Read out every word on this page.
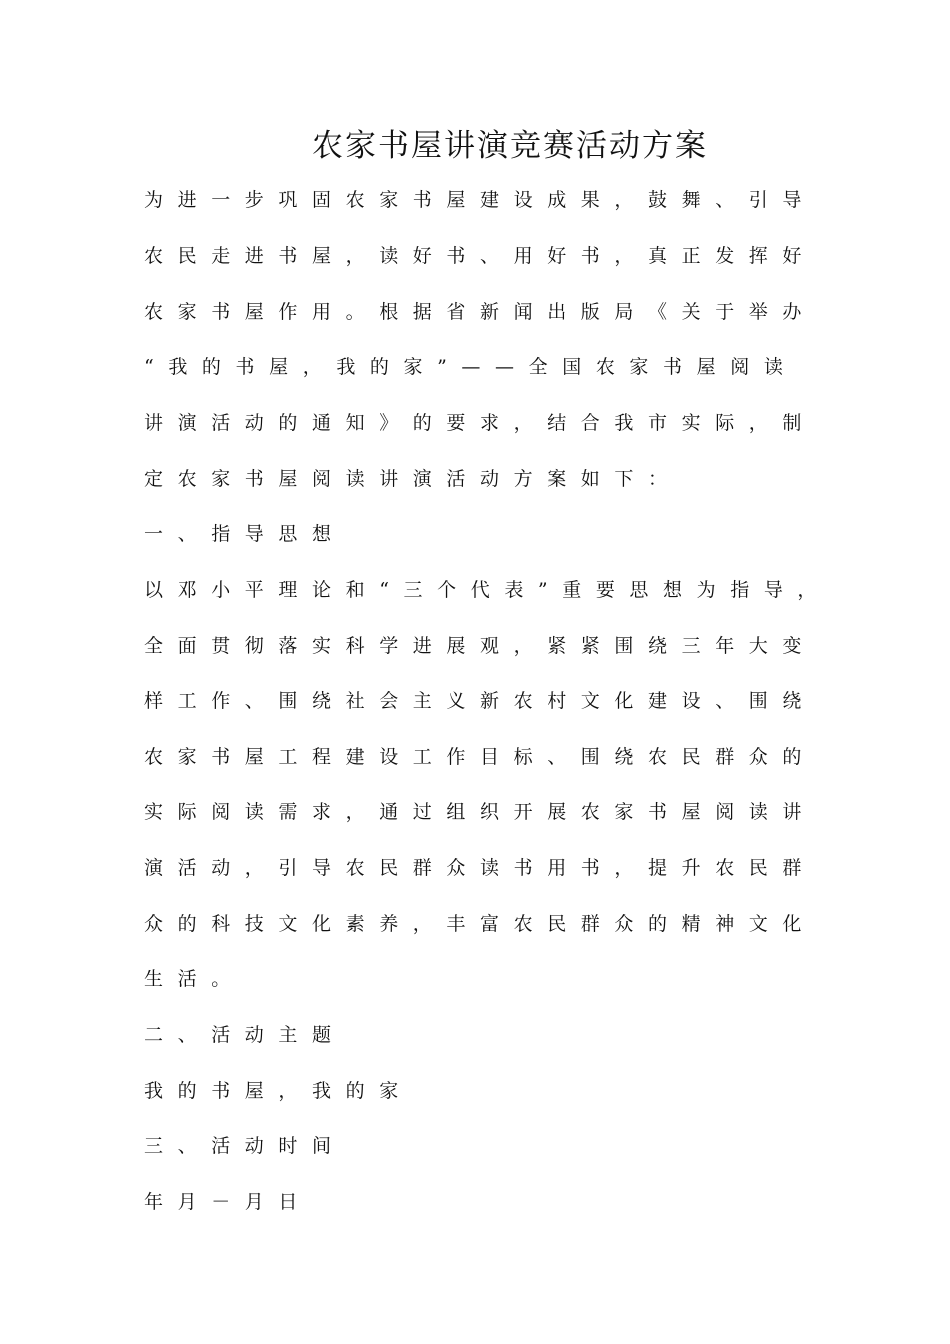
农家书屋讲演竞赛活动方案

为进一步巩固农家书屋建设成果，鼓舞、引导

农民走进书屋，读好书、用好书，真正发挥好

农家书屋作用。根据省新闻出版局《关于举办

“我的书屋，我的家”——全国农家书屋阅读

讲演活动的通知》的要求，结合我市实际，制

定农家书屋阅读讲演活动方案如下：

一、指导思想

以邓小平理论和“三个代表”重要思想为指导，

全面贯彻落实科学进展观，紧紧围绕三年大变

样工作、围绕社会主义新农村文化建设、围绕

农家书屋工程建设工作目标、围绕农民群众的

实际阅读需求，通过组织开展农家书屋阅读讲

演活动，引导农民群众读书用书，提升农民群

众的科技文化素养，丰富农民群众的精神文化

生活。

二、活动主题

我的书屋，我的家

三、活动时间

年月－月日
